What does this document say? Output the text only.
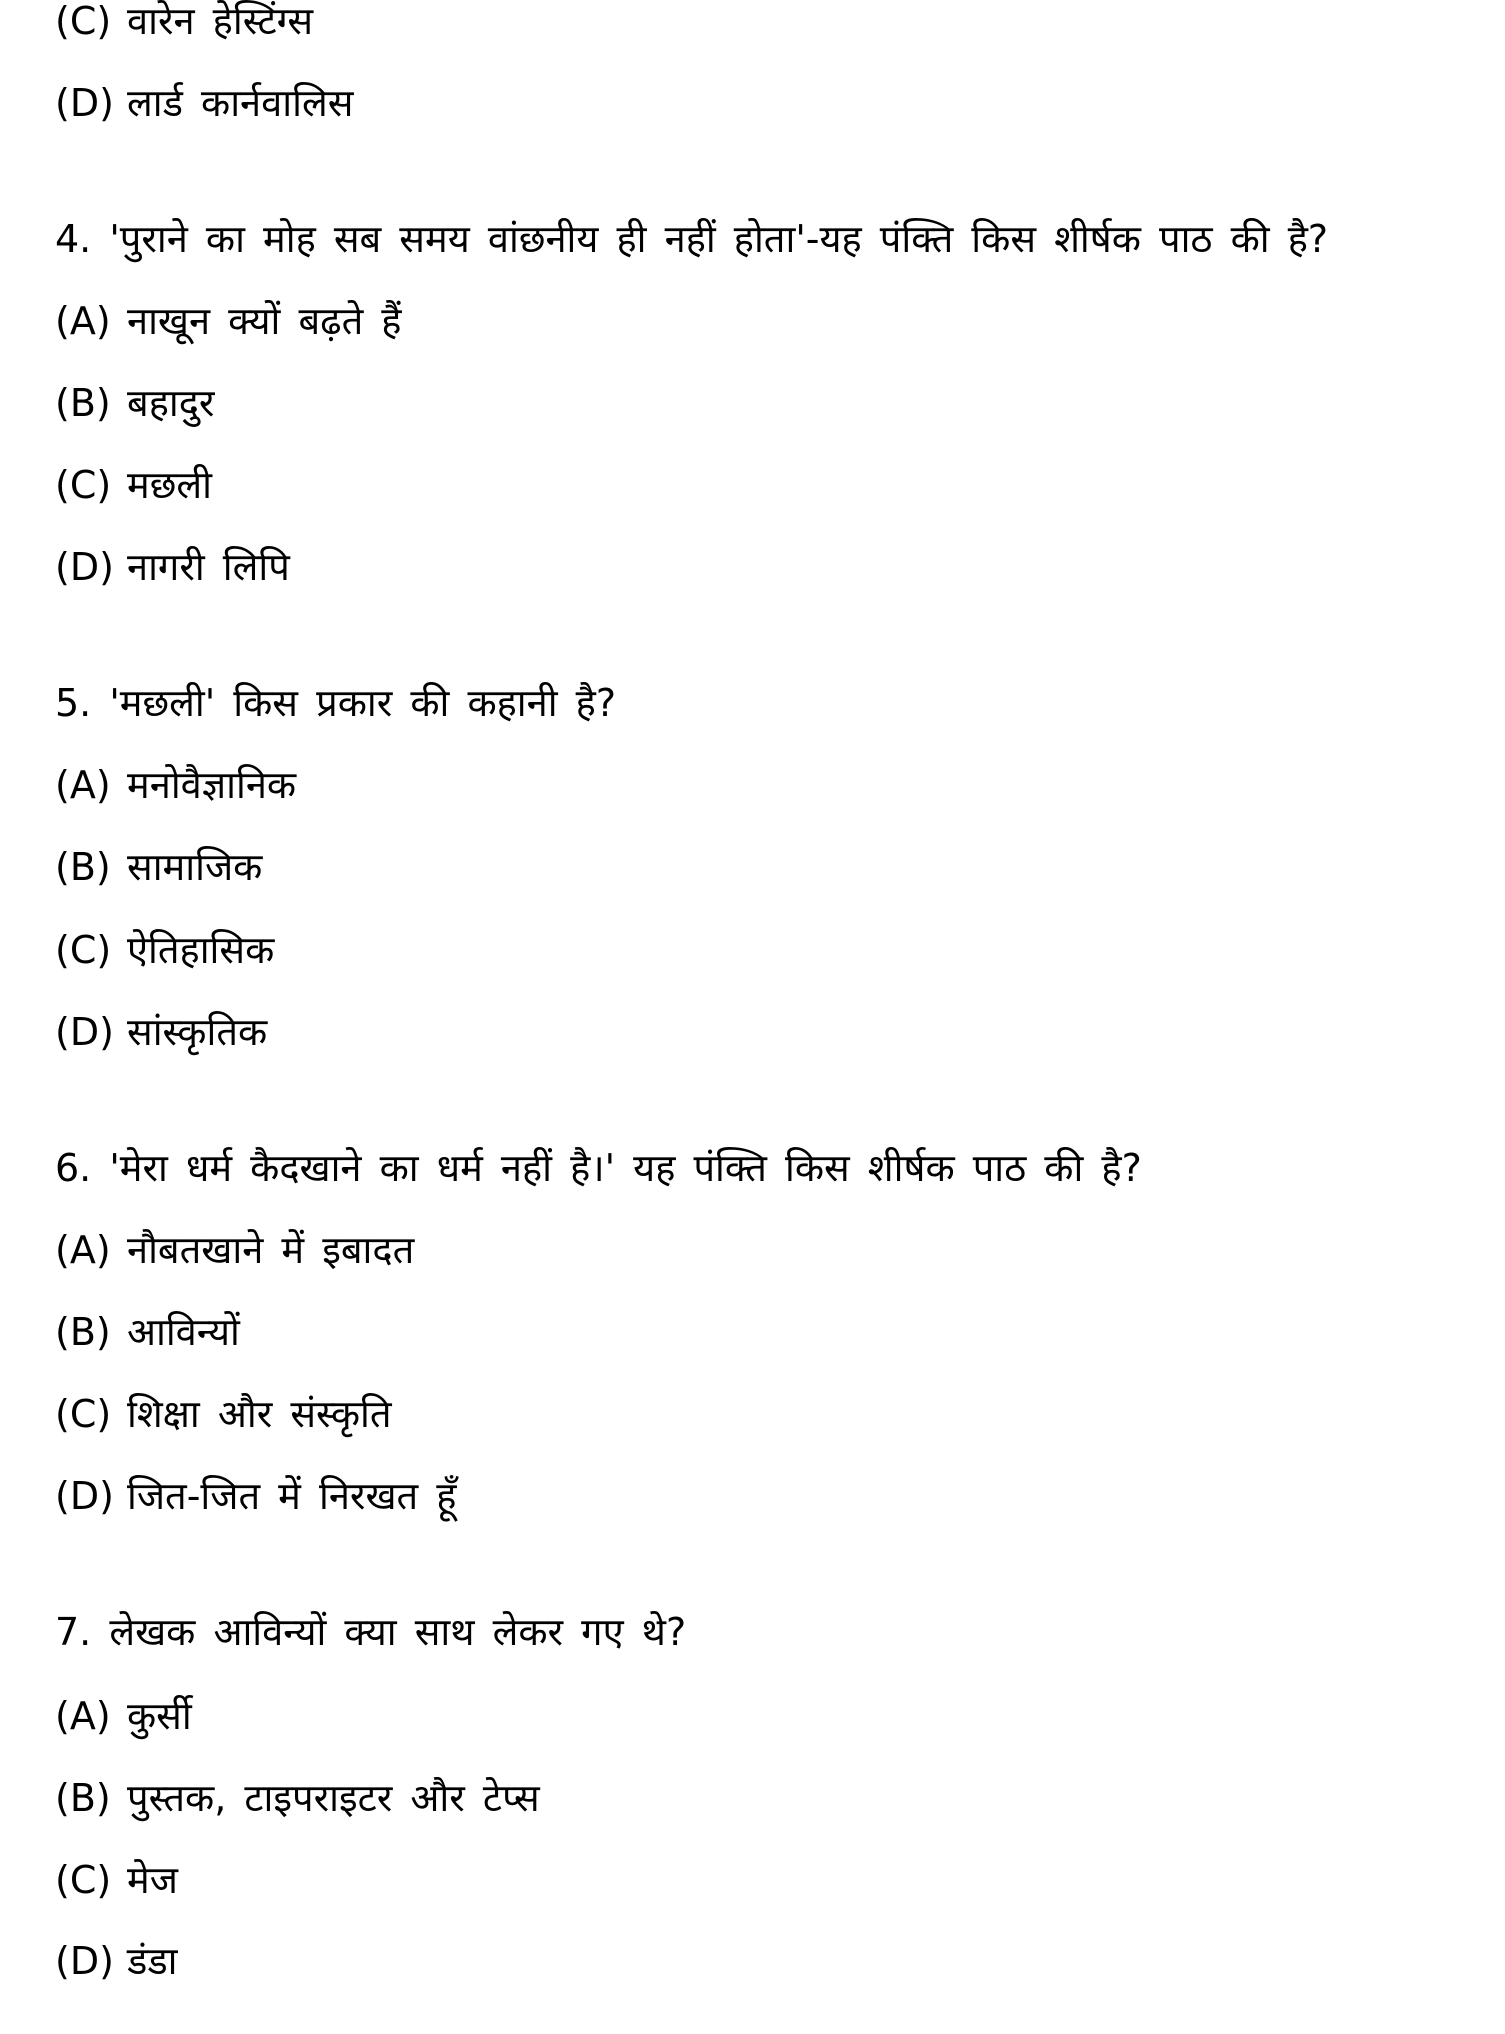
(C) वारेन हेस्टिंग्स
(D) लार्ड कार्नवालिस
4. 'पुराने का मोह सब समय वांछनीय ही नहीं होता'-यह पंक्ति किस शीर्षक पाठ की है?
(A) नाखून क्यों बढ़ते हैं
(B) बहादुर
(C) मछली
(D) नागरी लिपि
5. 'मछली' किस प्रकार की कहानी है?
(A) मनोवैज्ञानिक
(B) सामाजिक
(C) ऐतिहासिक
(D) सांस्कृतिक
6. 'मेरा धर्म कैदखाने का धर्म नहीं है।' यह पंक्ति किस शीर्षक पाठ की है?
(A) नौबतखाने में इबादत
(B) आविन्यों
(C) शिक्षा और संस्कृति
(D) जित-जित में निरखत हूँ
7. लेखक आविन्यों क्या साथ लेकर गए थे?
(A) कुर्सी
(B) पुस्तक, टाइपराइटर और टेप्स
(C) मेज
(D) डंडा
